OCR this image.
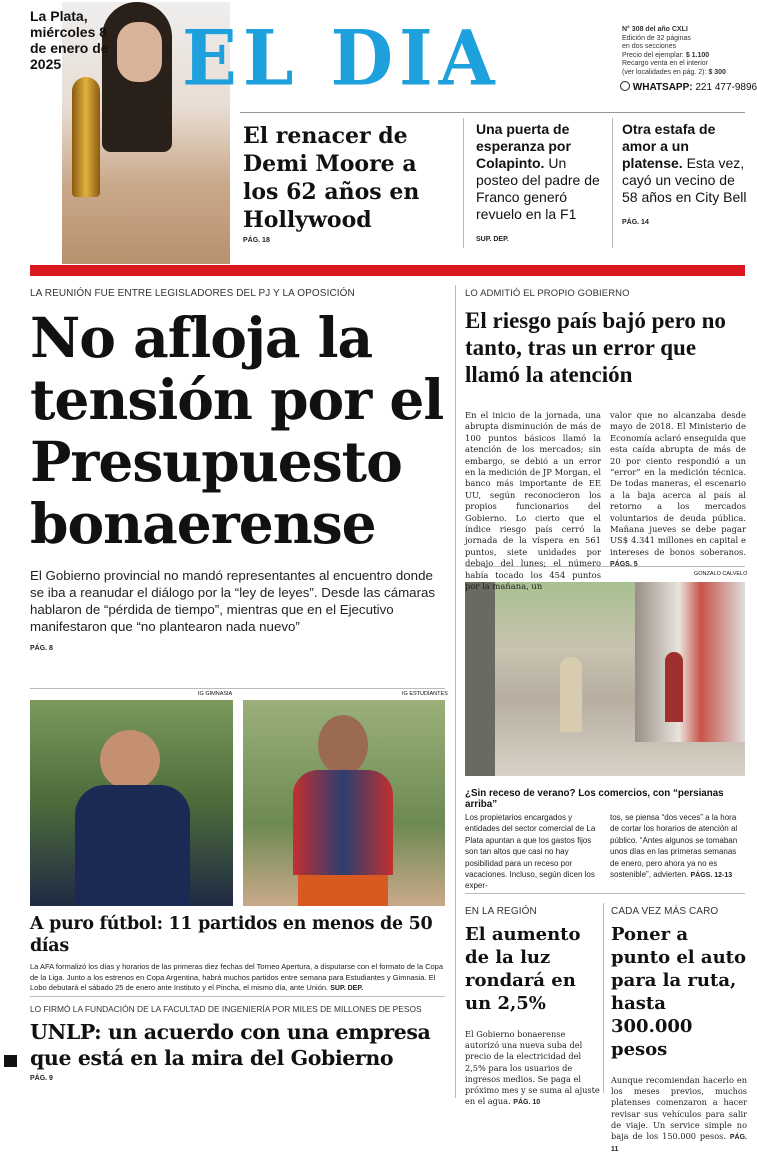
La Plata, miércoles 8 de enero de 2025	EL DIA	N° 308 del año CXLI
Edición de 32 páginas
en dos secciones
Precio del ejemplar: $ 1.100
Recargo venta en el interior
(ver localidades en pág. 2): $ 300
WHATSAPP: 221 477-9896
El renacer de Demi Moore a los 62 años en Hollywood
PÁG. 18
Una puerta de esperanza por Colapinto. Un posteo del padre de Franco generó revuelo en la F1
SUP. DEP.
Otra estafa de amor a un platense. Esta vez, cayó un vecino de 58 años en City Bell
PÁG. 14
LA REUNIÓN FUE ENTRE LEGISLADORES DEL PJ Y LA OPOSICIÓN
No afloja la tensión por el Presupuesto bonaerense
El Gobierno provincial no mandó representantes al encuentro donde se iba a reanudar el diálogo por la “ley de leyes”. Desde las cámaras hablaron de “pérdida de tiempo”, mientras que en el Ejecutivo manifestaron que “no plantearon nada nuevo”
PÁG. 8
IG GIMNASIA	IG ESTUDIANTES
A puro fútbol: 11 partidos en menos de 50 días
La AFA formalizó los días y horarios de las primeras diez fechas del Torneo Apertura, a disputarse con el formato de la Copa de la Liga. Junto a los estrenos en Copa Argentina, habrá muchos partidos entre semana para Estudiantes y Gimnasia. El Lobo debutará el sábado 25 de enero ante Instituto y el Pincha, el mismo día, ante Unión. SUP. DEP.
LO FIRMÓ LA FUNDACIÓN DE LA FACULTAD DE INGENIERÍA POR MILES DE MILLONES DE PESOS
UNLP: un acuerdo con una empresa que está en la mira del Gobierno
PÁG. 9
LO ADMITIÓ EL PROPIO GOBIERNO
El riesgo país bajó pero no tanto, tras un error que llamó la atención
En el inicio de la jornada, una abrupta disminución de más de 100 puntos básicos llamó la atención de los mercados; sin embargo, se debió a un error en la medición de JP Morgan, el banco más importante de EE UU, según reconocieron los propios funcionarios del Gobierno. Lo cierto que el índice riesgo país cerró la jornada de la víspera en 561 puntos, siete unidades por debajo del lunes; el número había tocado los 454 puntos por la mañana, un
valor que no alcanzaba desde mayo de 2018. El Ministerio de Economía aclaró enseguida que esta caída abrupta de más de 20 por ciento respondió a un “error” en la medición técnica. De todas maneras, el escenario a la baja acerca al país al retorno a los mercados voluntarios de deuda pública. Mañana jueves se debe pagar US$ 4.341 millones en capital e intereses de bonos soberanos. PÁGS. 5
GONZALO CALVELO
¿Sin receso de verano? Los comercios, con “persianas arriba”
Los propietarios encargados y entidades del sector comercial de La Plata apuntan a que los gastos fijos son tan altos que casi no hay posibilidad para un receso por vacaciones. Incluso, según dicen los exper-
tos, se piensa “dos veces” a la hora de cortar los horarios de atención al público. “Antes algunos se tomaban unos días en las primeras semanas de enero, pero ahora ya no es sostenible”, advierten. PÁGS. 12-13
EN LA REGIÓN
El aumento de la luz rondará en un 2,5%
El Gobierno bonaerense autorizó una nueva suba del precio de la electricidad del 2,5% para los usuarios de ingresos medios. Se paga el próximo mes y se suma al ajuste en el agua. PÁG. 10
CADA VEZ MÁS CARO
Poner a punto el auto para la ruta, hasta 300.000 pesos
Aunque recomiendan hacerlo en los meses previos, muchos platenses comenzaron a hacer revisar sus vehículos para salir de viaje. Un service simple no baja de los 150.000 pesos. PÁG. 11
